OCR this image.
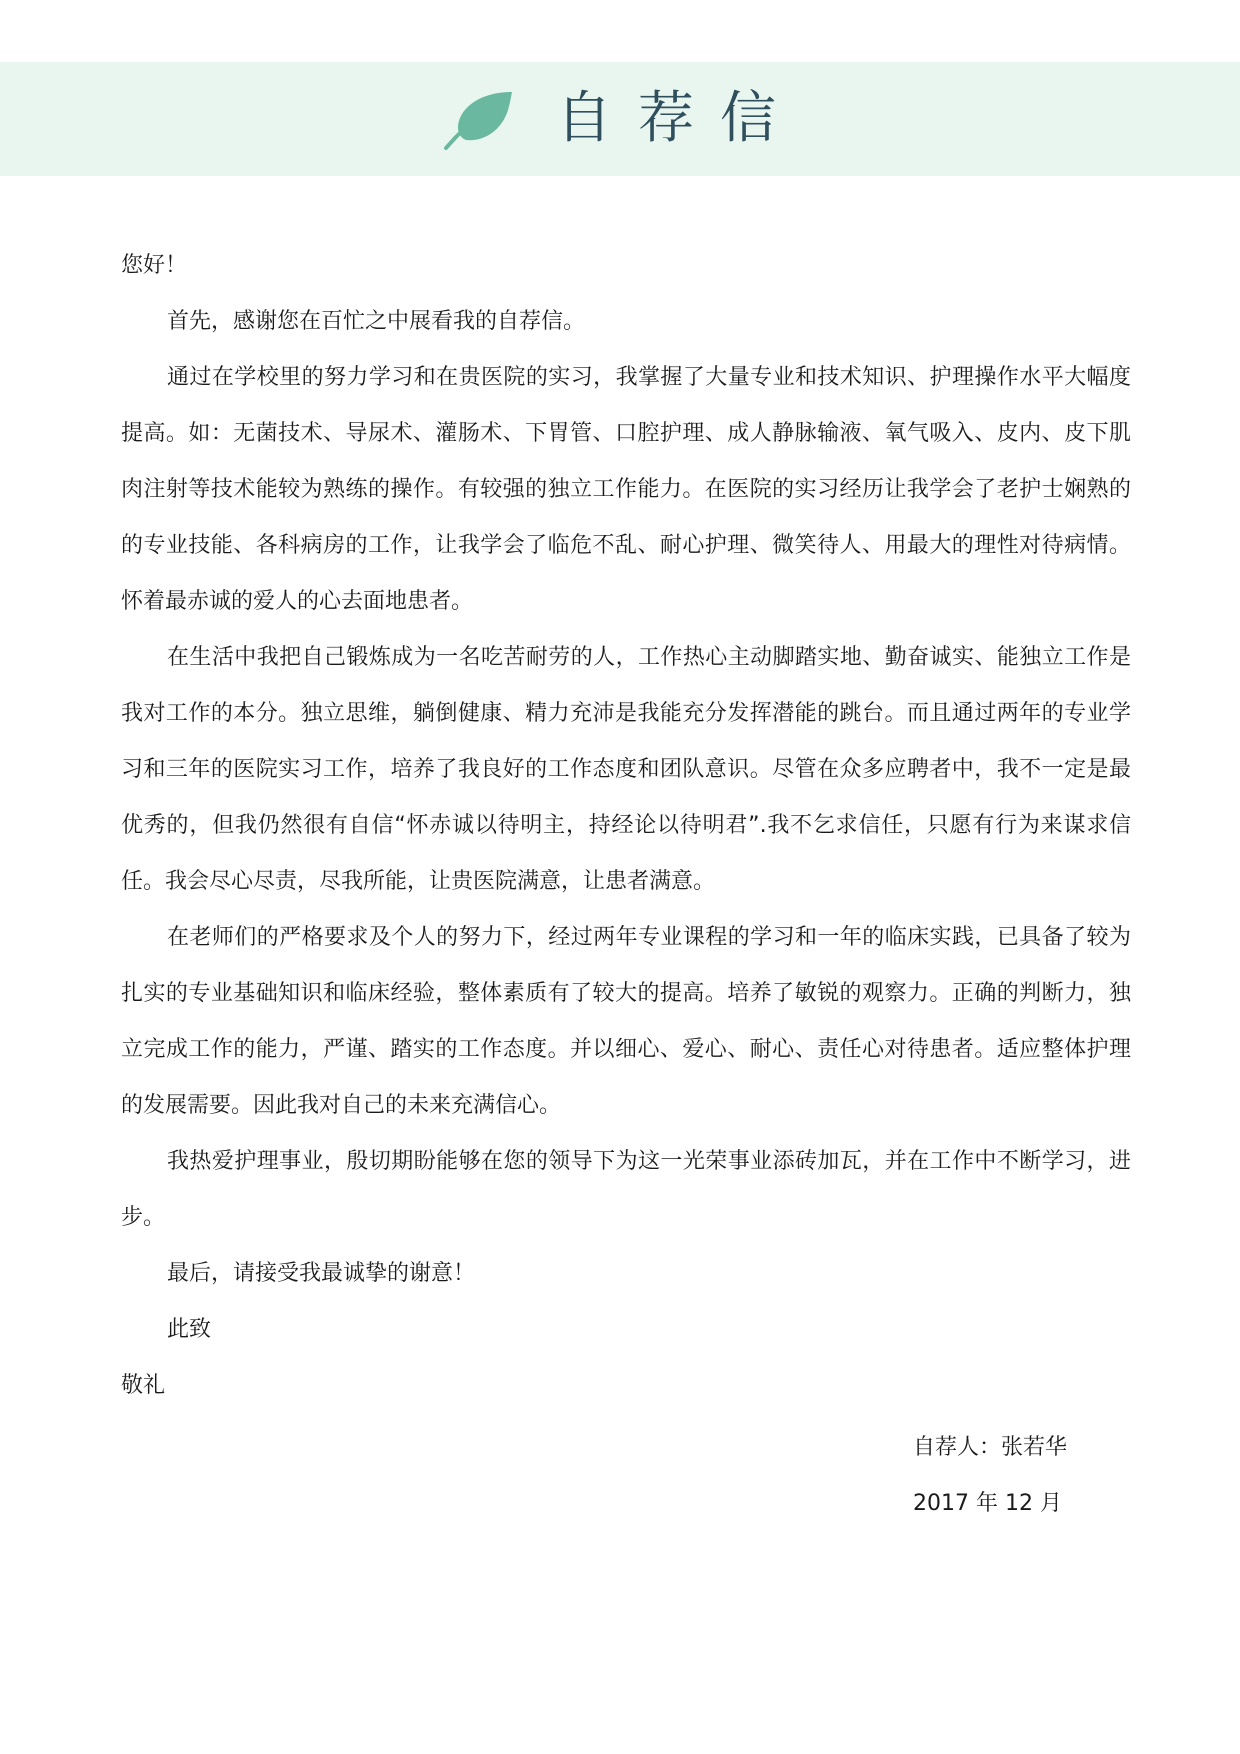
自荐信

您好！

首先，感谢您在百忙之中展看我的自荐信。

通过在学校里的努力学习和在贵医院的实习，我掌握了大量专业和技术知识、护理操作水平大幅度提高。如：无菌技术、导尿术、灌肠术、下胃管、口腔护理、成人静脉输液、氧气吸入、皮内、皮下肌肉注射等技术能较为熟练的操作。有较强的独立工作能力。在医院的实习经历让我学会了老护士娴熟的的专业技能、各科病房的工作，让我学会了临危不乱、耐心护理、微笑待人、用最大的理性对待病情。怀着最赤诚的爱人的心去面地患者。

在生活中我把自己锻炼成为一名吃苦耐劳的人，工作热心主动脚踏实地、勤奋诚实、能独立工作是我对工作的本分。独立思维，躺倒健康、精力充沛是我能充分发挥潜能的跳台。而且通过两年的专业学习和三年的医院实习工作，培养了我良好的工作态度和团队意识。尽管在众多应聘者中，我不一定是最优秀的，但我仍然很有自信“怀赤诚以待明主，持经论以待明君”.我不乞求信任，只愿有行为来谋求信任。我会尽心尽责，尽我所能，让贵医院满意，让患者满意。

在老师们的严格要求及个人的努力下，经过两年专业课程的学习和一年的临床实践，已具备了较为扎实的专业基础知识和临床经验，整体素质有了较大的提高。培养了敏锐的观察力。正确的判断力，独立完成工作的能力，严谨、踏实的工作态度。并以细心、爱心、耐心、责任心对待患者。适应整体护理的发展需要。因此我对自己的未来充满信心。

我热爱护理事业，殷切期盼能够在您的领导下为这一光荣事业添砖加瓦，并在工作中不断学习，进步。

最后，请接受我最诚挚的谢意！

此致

敬礼

自荐人：张若华

2017 年 12 月
